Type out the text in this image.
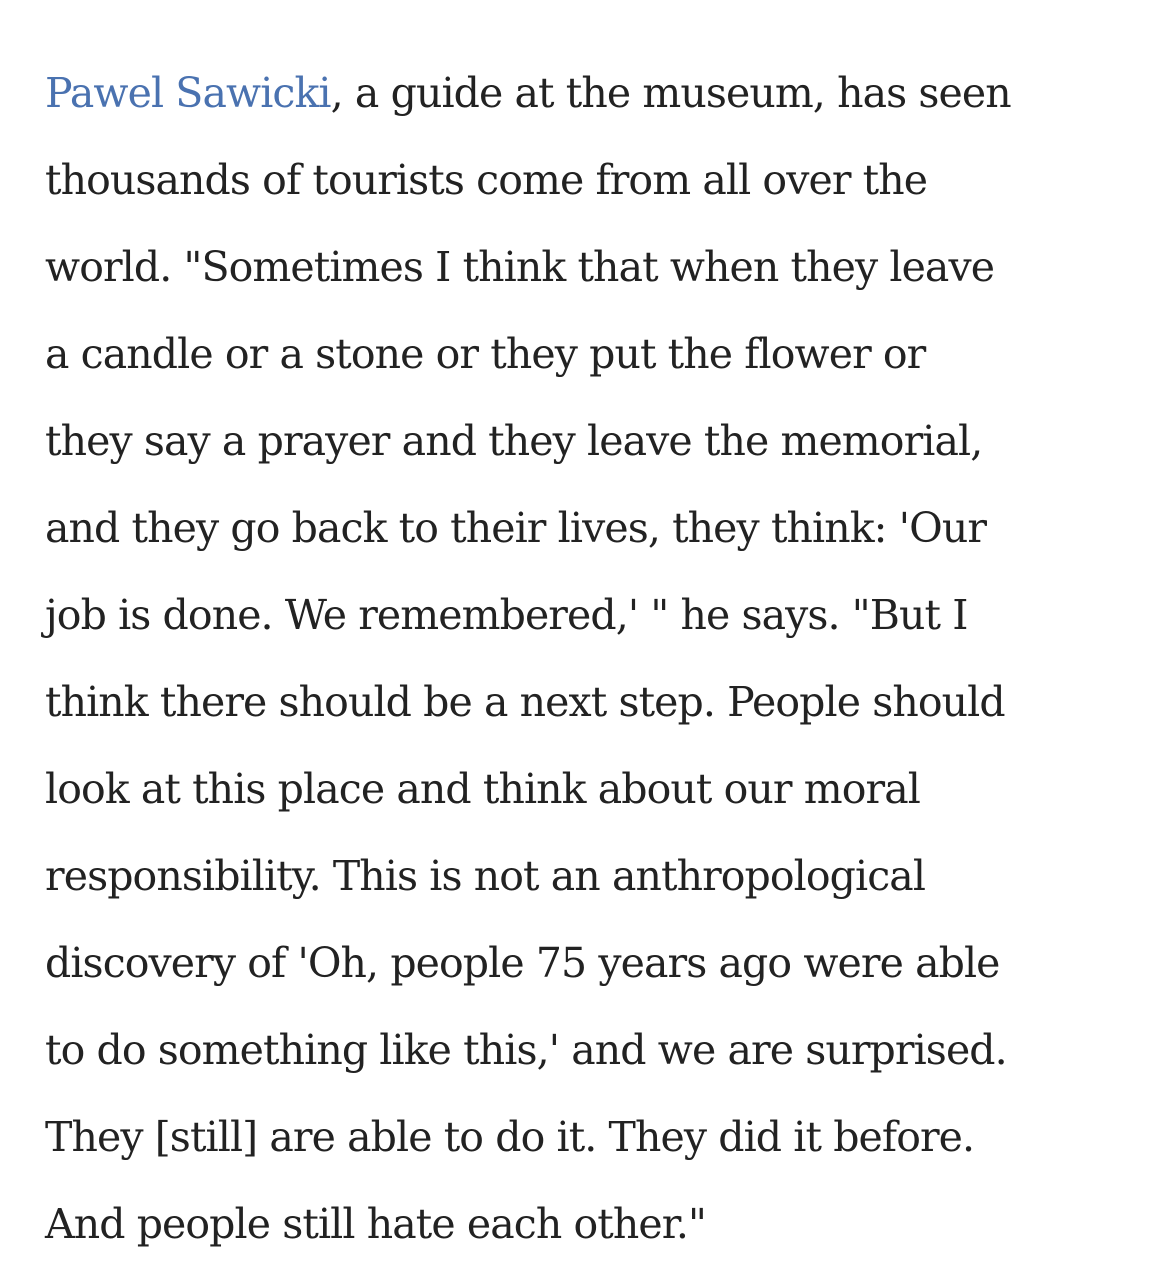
Pawel Sawicki, a guide at the museum, has seen
thousands of tourists come from all over the
world. "Sometimes I think that when they leave
a candle or a stone or they put the flower or
they say a prayer and they leave the memorial,
and they go back to their lives, they think: 'Our
job is done. We remembered,' " he says. "But I
think there should be a next step. People should
look at this place and think about our moral
responsibility. This is not an anthropological
discovery of 'Oh, people 75 years ago were able
to do something like this,' and we are surprised.
They [still] are able to do it. They did it before.
And people still hate each other."
